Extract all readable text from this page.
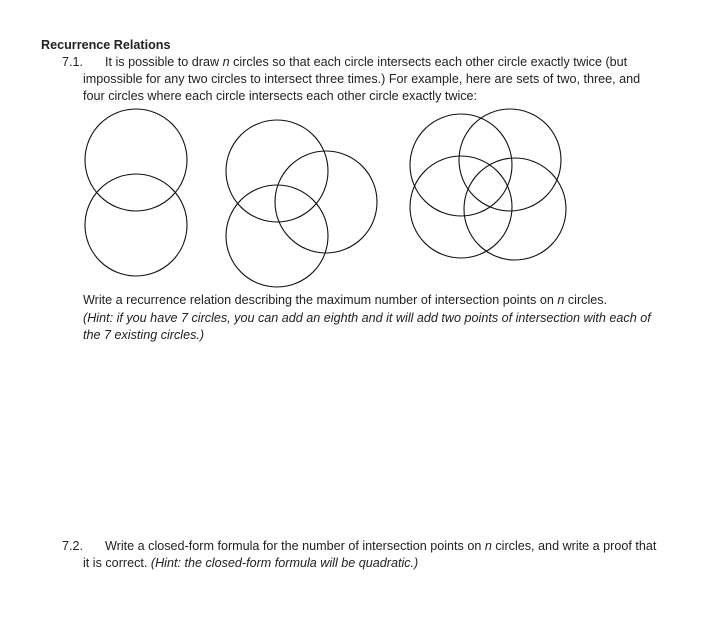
Recurrence Relations
7.1. It is possible to draw n circles so that each circle intersects each other circle exactly twice (but
impossible for any two circles to intersect three times.) For example, here are sets of two, three, and
four circles where each circle intersects each other circle exactly twice:
Write a recurrence relation describing the maximum number of intersection points on n circles.
(Hint: if you have 7 circles, you can add an eighth and it will add two points of intersection with each of
the 7 existing circles.)
7.2. Write a closed-form formula for the number of intersection points on n circles, and write a proof that
it is correct. (Hint: the closed-form formula will be quadratic.)
